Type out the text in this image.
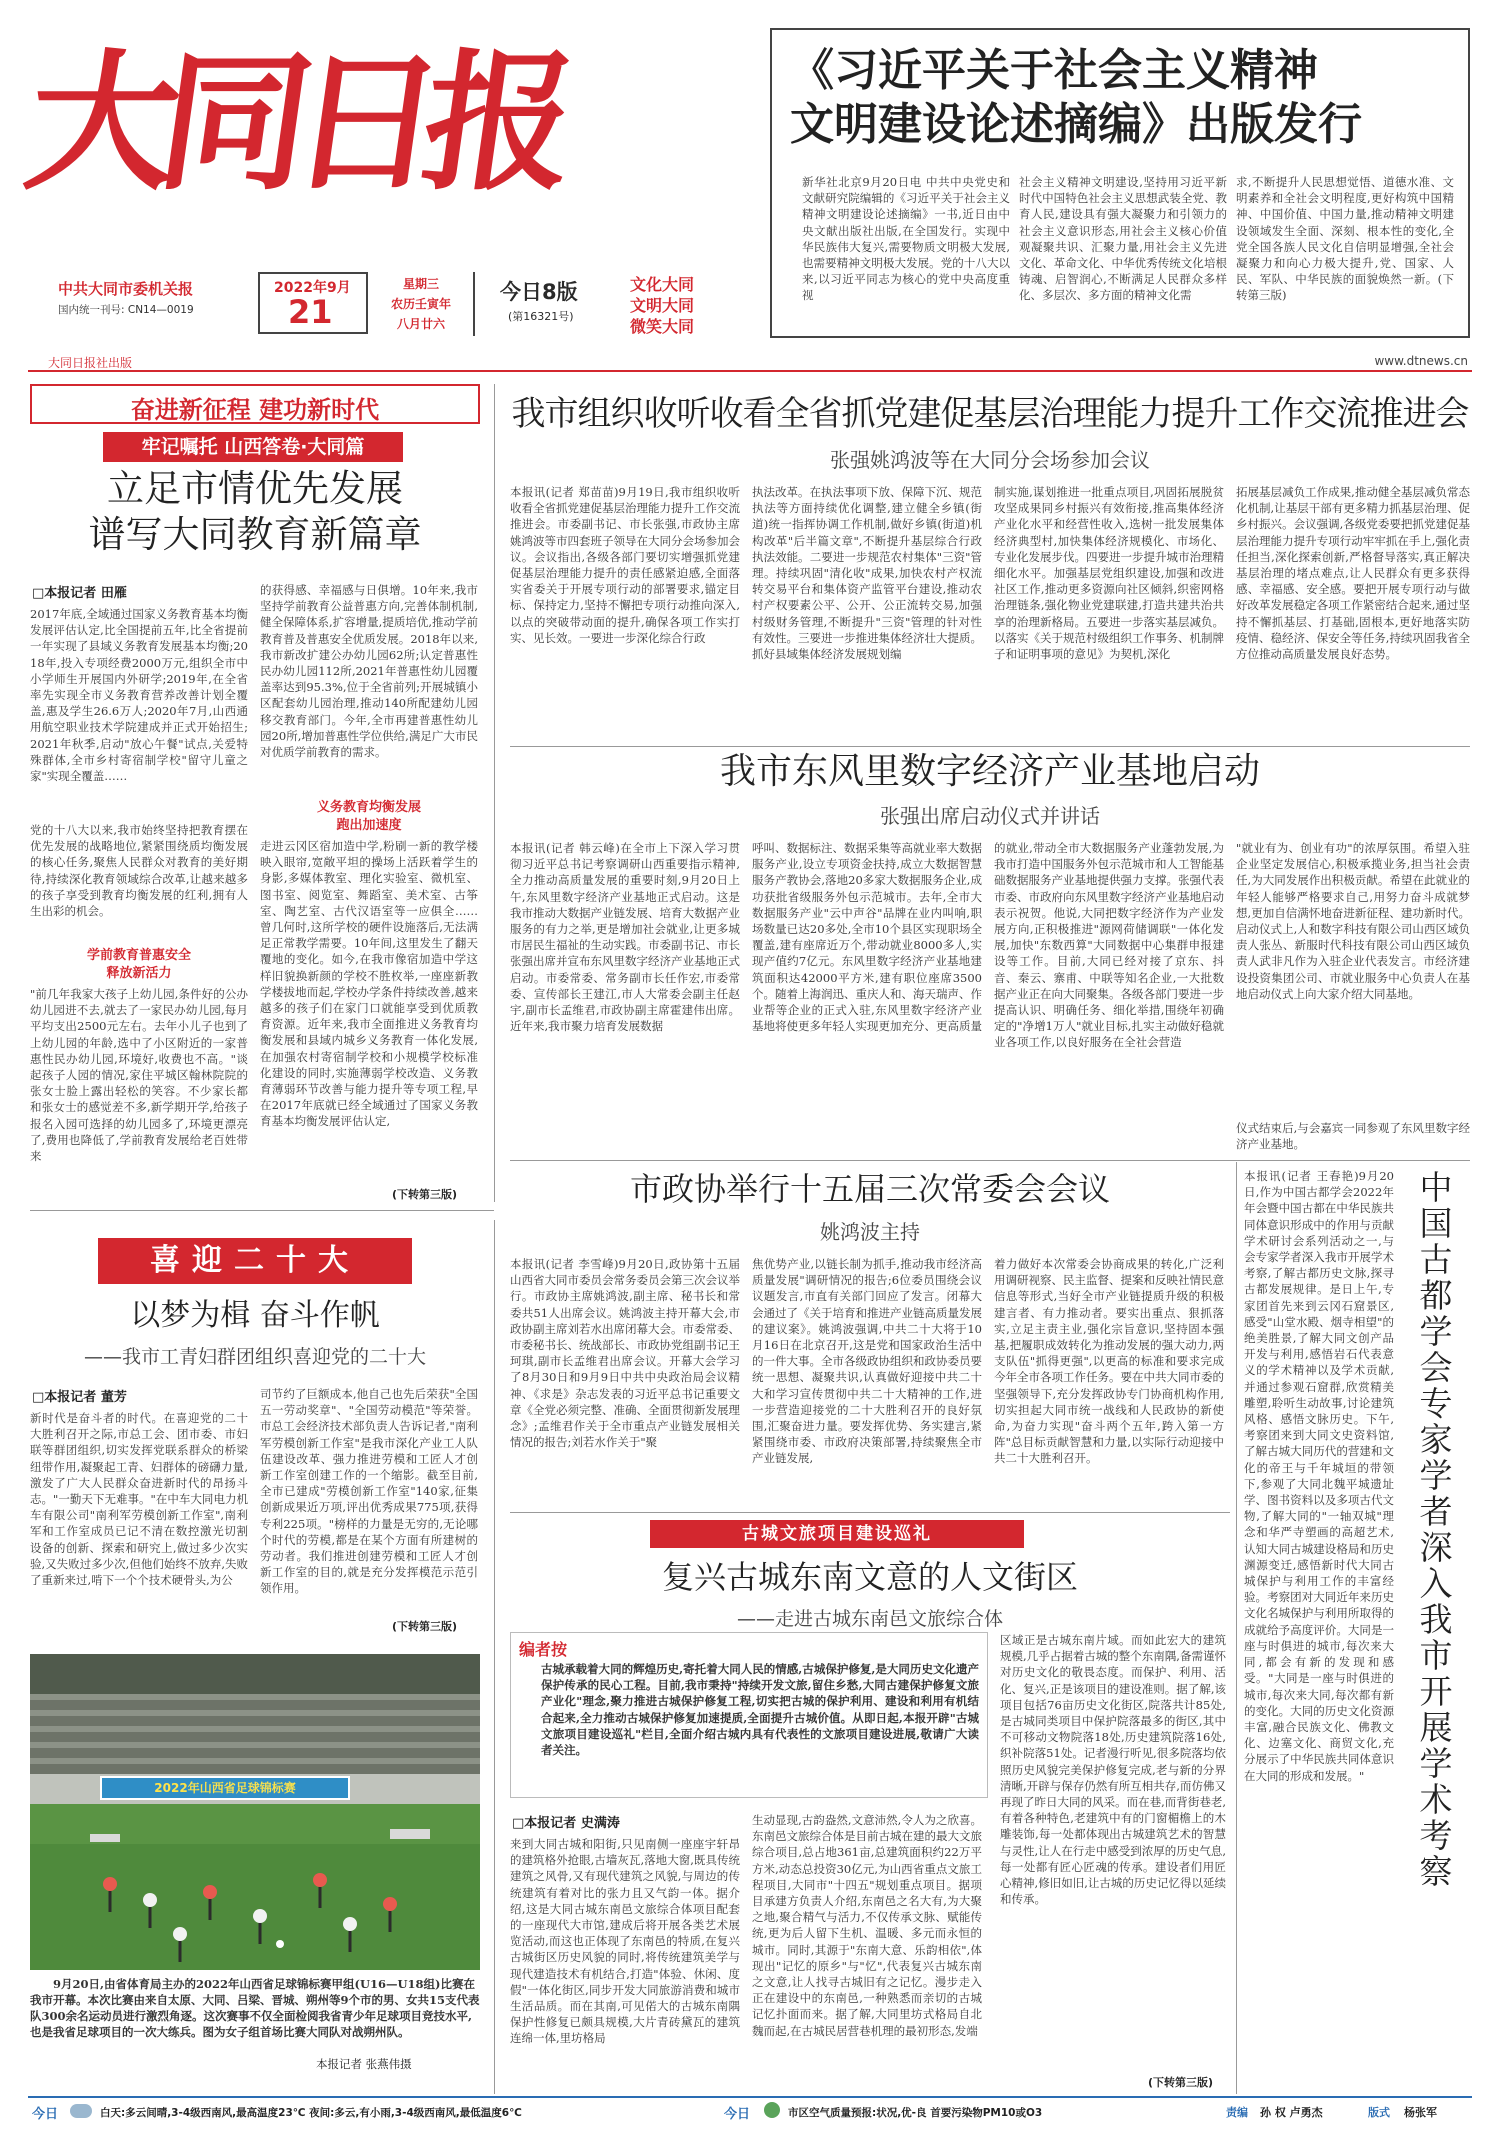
大同日报
中共大同市委机关报
国内统一刊号: CN14—0019
2022年9月
21
星期三
农历壬寅年
八月廿六
今日8版
(第16321号)
文化大同
文明大同
微笑大同
大同日报社出版	www.dtnews.cn
《习近平关于社会主义精神
文明建设论述摘编》出版发行
新华社北京9月20日电 中共中央党史和文献研究院编辑的《习近平关于社会主义精神文明建设论述摘编》一书,近日由中央文献出版社出版,在全国发行。实现中华民族伟大复兴,需要物质文明极大发展,也需要精神文明极大发展。党的十八大以来,以习近平同志为核心的党中央高度重视
社会主义精神文明建设,坚持用习近平新时代中国特色社会主义思想武装全党、教育人民,建设具有强大凝聚力和引领力的社会主义意识形态,用社会主义核心价值观凝聚共识、汇聚力量,用社会主义先进文化、革命文化、中华优秀传统文化培根铸魂、启智润心,不断满足人民群众多样化、多层次、多方面的精神文化需
求,不断提升人民思想觉悟、道德水准、文明素养和全社会文明程度,更好构筑中国精神、中国价值、中国力量,推动精神文明建设领域发生全面、深刻、根本性的变化,全党全国各族人民文化自信明显增强,全社会凝聚力和向心力极大提升,党、国家、人民、军队、中华民族的面貌焕然一新。(下转第三版)
奋进新征程 建功新时代
牢记嘱托 山西答卷·大同篇
立足市情优先发展
谱写大同教育新篇章
□ 本报记者 田雁
2017年底,全域通过国家义务教育基本均衡发展评估认定,比全国提前五年,比全省提前一年实现了县域义务教育发展基本均衡;2018年,投入专项经费2000万元,组织全市中小学师生开展国内外研学;2019年,在全省率先实现全市义务教育营养改善计划全覆盖,惠及学生26.6万人;2020年7月,山西通用航空职业技术学院建成并正式开始招生;2021年秋季,启动"放心午餐"试点,关爱特殊群体,全市乡村寄宿制学校"留守儿童之家"实现全覆盖……
党的十八大以来,我市始终坚持把教育摆在优先发展的战略地位,紧紧围绕质均衡发展的核心任务,聚焦人民群众对教育的美好期待,持续深化教育领域综合改革,让越来越多的孩子享受到教育均衡发展的红利,拥有人生出彩的机会。
学前教育普惠安全
释放新活力
"前几年我家大孩子上幼儿园,条件好的公办幼儿园进不去,就去了一家民办幼儿园,每月平均支出2500元左右。去年小儿子也到了上幼儿园的年龄,选中了小区附近的一家普惠性民办幼儿园,环境好,收费也不高。"谈起孩子人园的情况,家住平城区翰林院院的张女士脸上露出轻松的笑容。不少家长都和张女士的感觉差不多,新学期开学,给孩子报名入园可选择的幼儿园多了,环境更漂亮了,费用也降低了,学前教育发展给老百姓带来
的获得感、幸福感与日俱增。10年来,我市坚持学前教育公益普惠方向,完善体制机制,健全保障体系,扩容增量,提质培优,推动学前教育普及普惠安全优质发展。2018年以来,我市新改扩建公办幼儿园62所;认定普惠性民办幼儿园112所,2021年普惠性幼儿园覆盖率达到95.3%,位于全省前列;开展城镇小区配套幼儿园治理,推动140所配建幼儿园移交教育部门。今年,全市再建普惠性幼儿园20所,增加普惠性学位供给,满足广大市民对优质学前教育的需求。
义务教育均衡发展
跑出加速度
走进云冈区宿加造中学,粉刷一新的教学楼映入眼帘,宽敞平坦的操场上活跃着学生的身影,多媒体教室、理化实验室、微机室、图书室、阅览室、舞蹈室、美术室、古筝室、陶艺室、古代汉语室等一应俱全……曾几何时,这所学校的硬件设施落后,无法满足正常教学需要。10年间,这里发生了翻天覆地的变化。如今,在我市像宿加造中学这样旧貌换新颜的学校不胜枚举,一座座新教学楼拔地而起,学校办学条件持续改善,越来越多的孩子们在家门口就能享受到优质教育资源。近年来,我市全面推进义务教育均衡发展和县域内城乡义务教育一体化发展,在加强农村寄宿制学校和小规模学校标准化建设的同时,实施薄弱学校改造、义务教育薄弱环节改善与能力提升等专项工程,早在2017年底就已经全域通过了国家义务教育基本均衡发展评估认定,
(下转第三版)
我市组织收听收看全省抓党建促基层治理能力提升工作交流推进会
张强姚鸿波等在大同分会场参加会议
本报讯(记者 郑苗苗)9月19日,我市组织收听收看全省抓党建促基层治理能力提升工作交流推进会。市委副书记、市长张强,市政协主席姚鸿波等市四套班子领导在大同分会场参加会议。会议指出,各级各部门要切实增强抓党建促基层治理能力提升的责任感紧迫感,全面落实省委关于开展专项行动的部署要求,锚定目标、保持定力,坚持不懈把专项行动推向深入,以点的突破带动面的提升,确保各项工作实打实、见长效。一要进一步深化综合行政
执法改革。在执法事项下放、保障下沉、规范执法等方面持续优化调整,建立健全乡镇(街道)统一指挥协调工作机制,做好乡镇(街道)机构改革"后半篇文章",不断提升基层综合行政执法效能。二要进一步规范农村集体"三资"管理。持续巩固"清化收"成果,加快农村产权流转交易平台和集体资产监管平台建设,推动农村产权要素公平、公开、公正流转交易,加强村级财务管理,不断提升"三资"管理的针对性有效性。三要进一步推进集体经济壮大提质。抓好县域集体经济发展规划编
制实施,谋划推进一批重点项目,巩固拓展脱贫攻坚成果同乡村振兴有效衔接,推高集体经济产业化水平和经营性收入,选树一批发展集体经济典型村,加快集体经济规模化、市场化、专业化发展步伐。四要进一步提升城市治理精细化水平。加强基层党组织建设,加强和改进社区工作,推动更多资源向社区倾斜,织密网格治理链条,强化物业党建联建,打造共建共治共享的治理新格局。五要进一步落实基层减负。以落实《关于规范村级组织工作事务、机制牌子和证明事项的意见》为契机,深化
拓展基层减负工作成果,推动健全基层减负常态化机制,让基层干部有更多精力抓基层治理、促乡村振兴。会议强调,各级党委要把抓党建促基层治理能力提升专项行动牢牢抓在手上,强化责任担当,深化探索创新,严格督导落实,真正解决基层治理的堵点难点,让人民群众有更多获得感、幸福感、安全感。要把开展专项行动与做好改革发展稳定各项工作紧密结合起来,通过坚持不懈抓基层、打基础,固根本,更好地落实防疫情、稳经济、保安全等任务,持续巩固我省全方位推动高质量发展良好态势。
我市东风里数字经济产业基地启动
张强出席启动仪式并讲话
本报讯(记者 韩云峰)在全市上下深入学习贯彻习近平总书记考察调研山西重要指示精神,全力推动高质量发展的重要时刻,9月20日上午,东风里数字经济产业基地正式启动。这是我市推动大数据产业链发展、培育大数据产业服务的有力之举,更是增加社会就业,让更多城市居民生福祉的生动实践。市委副书记、市长张强出席并宣布东风里数字经济产业基地正式启动。市委常委、常务副市长任作宏,市委常委、宣传部长王建江,市人大常委会副主任赵宇,副市长孟维君,市政协副主席霍建伟出席。近年来,我市聚力培育发展数据
呼叫、数据标注、数据采集等高就业率大数据服务产业,设立专项资金扶持,成立大数据智慧服务产教协会,落地20多家大数据服务企业,成功获批省级服务外包示范城市。去年,全市大数据服务产业"云中声谷"品牌在业内叫响,职场数量已达20多处,全市10个县区实现职场全覆盖,建有座席近万个,带动就业8000多人,实现产值约7亿元。东风里数字经济产业基地建筑面积达42000平方米,建有职位座席3500个。随着上海润迅、重庆人和、海天瑞声、作业帮等企业的正式入驻,东风里数字经济产业基地将使更多年轻人实现更加充分、更高质量
的就业,带动全市大数据服务产业蓬勃发展,为我市打造中国服务外包示范城市和人工智能基础数据服务产业基地提供强力支撑。张强代表市委、市政府向东风里数字经济产业基地启动表示祝贺。他说,大同把数字经济作为产业发展方向,正积极推进"源网荷储调联"一体化发展,加快"东数西算"大同数据中心集群申报建设等工作。目前,大同已经对接了京东、抖音、秦云、寨甫、中联等知名企业,一大批数据产业正在向大同聚集。各级各部门要进一步提高认识、明确任务、细化举措,围绕年初确定的"净增1万人"就业目标,扎实主动做好稳就业各项工作,以良好服务在全社会营造
"就业有为、创业有功"的浓厚氛围。希望入驻企业坚定发展信心,积极承揽业务,担当社会责任,为大同发展作出积极贡献。希望在此就业的年轻人能够严格要求自己,用努力奋斗成就梦想,更加自信满怀地奋进新征程、建功新时代。启动仪式上,人和数字科技有限公司山西区域负责人张丛、新服时代科技有限公司山西区域负责人武非凡作为入驻企业代表发言。市经济建设投资集团公司、市就业服务中心负责人在基地启动仪式上向大家介绍大同基地。
仪式结束后,与会嘉宾一同参观了东风里数字经济产业基地。
市政协举行十五届三次常委会会议
姚鸿波主持
本报讯(记者 李雪峰)9月20日,政协第十五届山西省大同市委员会常务委员会第三次会议举行。市政协主席姚鸿波,副主席、秘书长和常委共51人出席会议。姚鸿波主持开幕大会,市政协副主席刘若水出席闭幕大会。市委常委、市委秘书长、统战部长、市政协党组副书记王珂琪,副市长孟维君出席会议。开幕大会学习了8月30日和9月9日中共中央政治局会议精神、《求是》杂志发表的习近平总书记重要文章《全党必须完整、准确、全面贯彻新发展理念》;孟维君作关于全市重点产业链发展相关情况的报告;刘若水作关于"聚
焦优势产业,以链长制为抓手,推动我市经济高质量发展"调研情况的报告;6位委员围绕会议议题发言,市直有关部门回应了发言。闭幕大会通过了《关于培育和推进产业链高质量发展的建议案》。姚鸿波强调,中共二十大将于10月16日在北京召开,这是党和国家政治生活中的一件大事。全市各级政协组织和政协委员要统一思想、凝聚共识,认真做好迎接中共二十大和学习宣传贯彻中共二十大精神的工作,进一步营造迎接党的二十大胜利召开的良好氛围,汇聚奋进力量。要发挥优势、务实建言,紧紧围绕市委、市政府决策部署,持续聚焦全市产业链发展,
着力做好本次常委会协商成果的转化,广泛利用调研视察、民主监督、提案和反映社情民意信息等形式,当好全市产业链提质升级的积极建言者、有力推动者。要实出重点、狠抓落实,立足主责主业,强化宗旨意识,坚持固本强基,把履职成效转化为推动发展的强大动力,两支队伍"抓得更强",以更高的标准和要求完成今年全市各项工作任务。要在中共大同市委的坚强领导下,充分发挥政协专门协商机构作用,切实担起大同市统一战线和人民政协的新使命,为奋力实现"奋斗两个五年,跨入第一方阵"总目标贡献智慧和力量,以实际行动迎接中共二十大胜利召开。
本报讯(记者 王春艳)9月20日,作为中国古都学会2022年年会暨中国古都在中华民族共同体意识形成中的作用与贡献学术研讨会系列活动之一,与会专家学者深入我市开展学术考察,了解古都历史文脉,探寻古都发展规律。是日上午,专家团首先来到云冈石窟景区,感受"山堂水殿、烟寺相望"的绝美胜景,了解大同文创产品开发与利用,感悟岩石代表意义的学术精神以及学术贡献,并通过参观石窟群,欣赏精美雕塑,聆听生动故事,讨论建筑风格、感悟文脉历史。下午,考察团来到大同文史资料馆,了解古城大同历代的营建和文化的帝王与千年城垣的带领下,参观了大同北魏平城遗址学、图书资料以及多项古代文物,了解大同的"一轴双城"理念和华严寺塑画的高超艺术,认知大同古城建设格局和历史渊源变迁,感悟新时代大同古城保护与利用工作的丰富经验。考察团对大同近年来历史文化名城保护与利用所取得的成就给予高度评价。大同是一座与时俱进的城市,每次来大同,都会有新的发现和感受。"大同是一座与时俱进的城市,每次来大同,每次都有新的变化。大同的历史文化资源丰富,融合民族文化、佛教文化、边塞文化、商贸文化,充分展示了中华民族共同体意识在大同的形成和发展。"
中国古都学会专家学者深入我市开展学术考察
喜迎二十大
以梦为楫 奋斗作帆
——我市工青妇群团组织喜迎党的二十大
□ 本报记者 董芳
新时代是奋斗者的时代。在喜迎党的二十大胜利召开之际,市总工会、团市委、市妇联等群团组织,切实发挥党联系群众的桥梁纽带作用,凝聚起工青、妇群体的磅礴力量,激发了广大人民群众奋进新时代的昂扬斗志。"一勤天下无难事。"在中车大同电力机车有限公司"南利军劳模创新工作室",南利军和工作室成员已记不清在数控激光切割设备的创新、探索和研究上,做过多少次实验,又失败过多少次,但他们始终不放弃,失败了重新来过,啃下一个个技术硬骨头,为公
司节约了巨额成本,他自己也先后荣获"全国五一劳动奖章"、"全国劳动模范"等荣誉。市总工会经济技术部负责人告诉记者,"南利军劳模创新工作室"是我市深化产业工人队伍建设改革、强力推进劳模和工匠人才创新工作室创建工作的一个缩影。截至目前,全市已建成"劳模创新工作室"140家,征集创新成果近万项,评出优秀成果775项,获得专利225项。"榜样的力量是无穷的,无论哪个时代的劳模,都是在某个方面有所建树的劳动者。我们推进创建劳模和工匠人才创新工作室的目的,就是充分发挥模范示范引领作用。
(下转第三版)
2022年山西省足球锦标赛
9月20日,由省体育局主办的2022年山西省足球锦标赛甲组(U16—U18组)比赛在我市开幕。本次比赛由来自太原、大同、吕梁、晋城、朔州等9个市的男、女共15支代表队300余名运动员进行激烈角逐。这次赛事不仅全面检阅我省青少年足球项目竞技水平,也是我省足球项目的一次大练兵。图为女子组首场比赛大同队对战朔州队。
本报记者 张燕伟摄
古城文旅项目建设巡礼
复兴古城东南文意的人文街区
——走进古城东南邑文旅综合体
编者按
古城承载着大同的辉煌历史,寄托着大同人民的情感,古城保护修复,是大同历史文化遗产保护传承的民心工程。目前,我市秉持"持续开发文旅,留住乡愁,大同古建保护修复文旅产业化"理念,聚力推进古城保护修复工程,切实把古城的保护利用、建设和利用有机结合起来,全力推动古城保护修复加速提质,全面提升古城价值。从即日起,本报开辟"古城文旅项目建设巡礼"栏目,全面介绍古城内具有代表性的文旅项目建设进展,敬请广大读者关注。
□ 本报记者 史满涛
来到大同古城和阳街,只见南侧一座座宇轩昂的建筑格外抢眼,古墙灰瓦,落地大窗,既具传统建筑之风骨,又有现代建筑之风貌,与周边的传统建筑有着对比的张力且又气韵一体。据介绍,这是大同古城东南邑文旅综合体项目配套的一座现代大市馆,建成后将开展各类艺术展览活动,而这也正体现了东南邑的特质,在复兴古城街区历史风貌的同时,将传统建筑美学与现代建造技术有机结合,打造"体验、休闲、度假"一体化街区,同步开发大同旅游消费和城市生活品质。而在其南,可见偌大的古城东南隅保护性修复已颇具规模,大片青砖黛瓦的建筑连绵一体,里坊格局
生动显现,古韵盎然,文意沛然,令人为之欣喜。东南邑文旅综合体是目前古城在建的最大文旅综合项目,总占地361亩,总建筑面积约22万平方米,动态总投资30亿元,为山西省重点文旅工程项目,大同市"十四五"规划重点项目。据项目承建方负责人介绍,东南邑之名大有,为大聚之地,聚合精气与活力,不仅传承文脉、赋能传统,更为后人留下生机、温暖、多元而永恒的城市。同时,其源于"东南大意、乐韵相依",体现出"记忆的原乡"与"忆",代表复兴古城东南之文意,让人找寻古城旧有之记忆。漫步走入正在建设中的东南邑,一种熟悉而亲切的古城记忆扑面而来。据了解,大同里坊式格局自北魏而起,在古城民居营巷机理的最初形态,发端
区域正是古城东南片域。而如此宏大的建筑规模,几乎占据着古城的整个东南隅,备需谨怀对历史文化的敬畏态度。而保护、利用、活化、复兴,正是该项目的建设准则。据了解,该项目包括76亩历史文化街区,院落共计85处,是古城同类项目中保护院落最多的街区,其中不可移动文物院落18处,历史建筑院落16处,织补院落51处。记者漫行听见,很多院落均依照历史风貌完美保护修复完成,老与新的分界清晰,开辟与保存仍然有所互相共存,而仿佛又再现了昨日大同的风采。而在巷,而背街巷老,有着各种特色,老建筑中有的门窗楣檐上的木雕装饰,每一处都体现出古城建筑艺术的智慧与灵性,让人在行走中感受到浓厚的历史气息,每一处都有匠心匠魂的传承。建设者们用匠心精神,修旧如旧,让古城的历史记忆得以延续和传承。
(下转第三版)
今日	白天:多云间晴,3-4级西南风,最高温度23℃ 夜间:多云,有小雨,3-4级西南风,最低温度6℃	今日	市区空气质量预报:状况,优-良 首要污染物PM10或O3	责编 孙 权 卢勇杰	版式 杨张军
